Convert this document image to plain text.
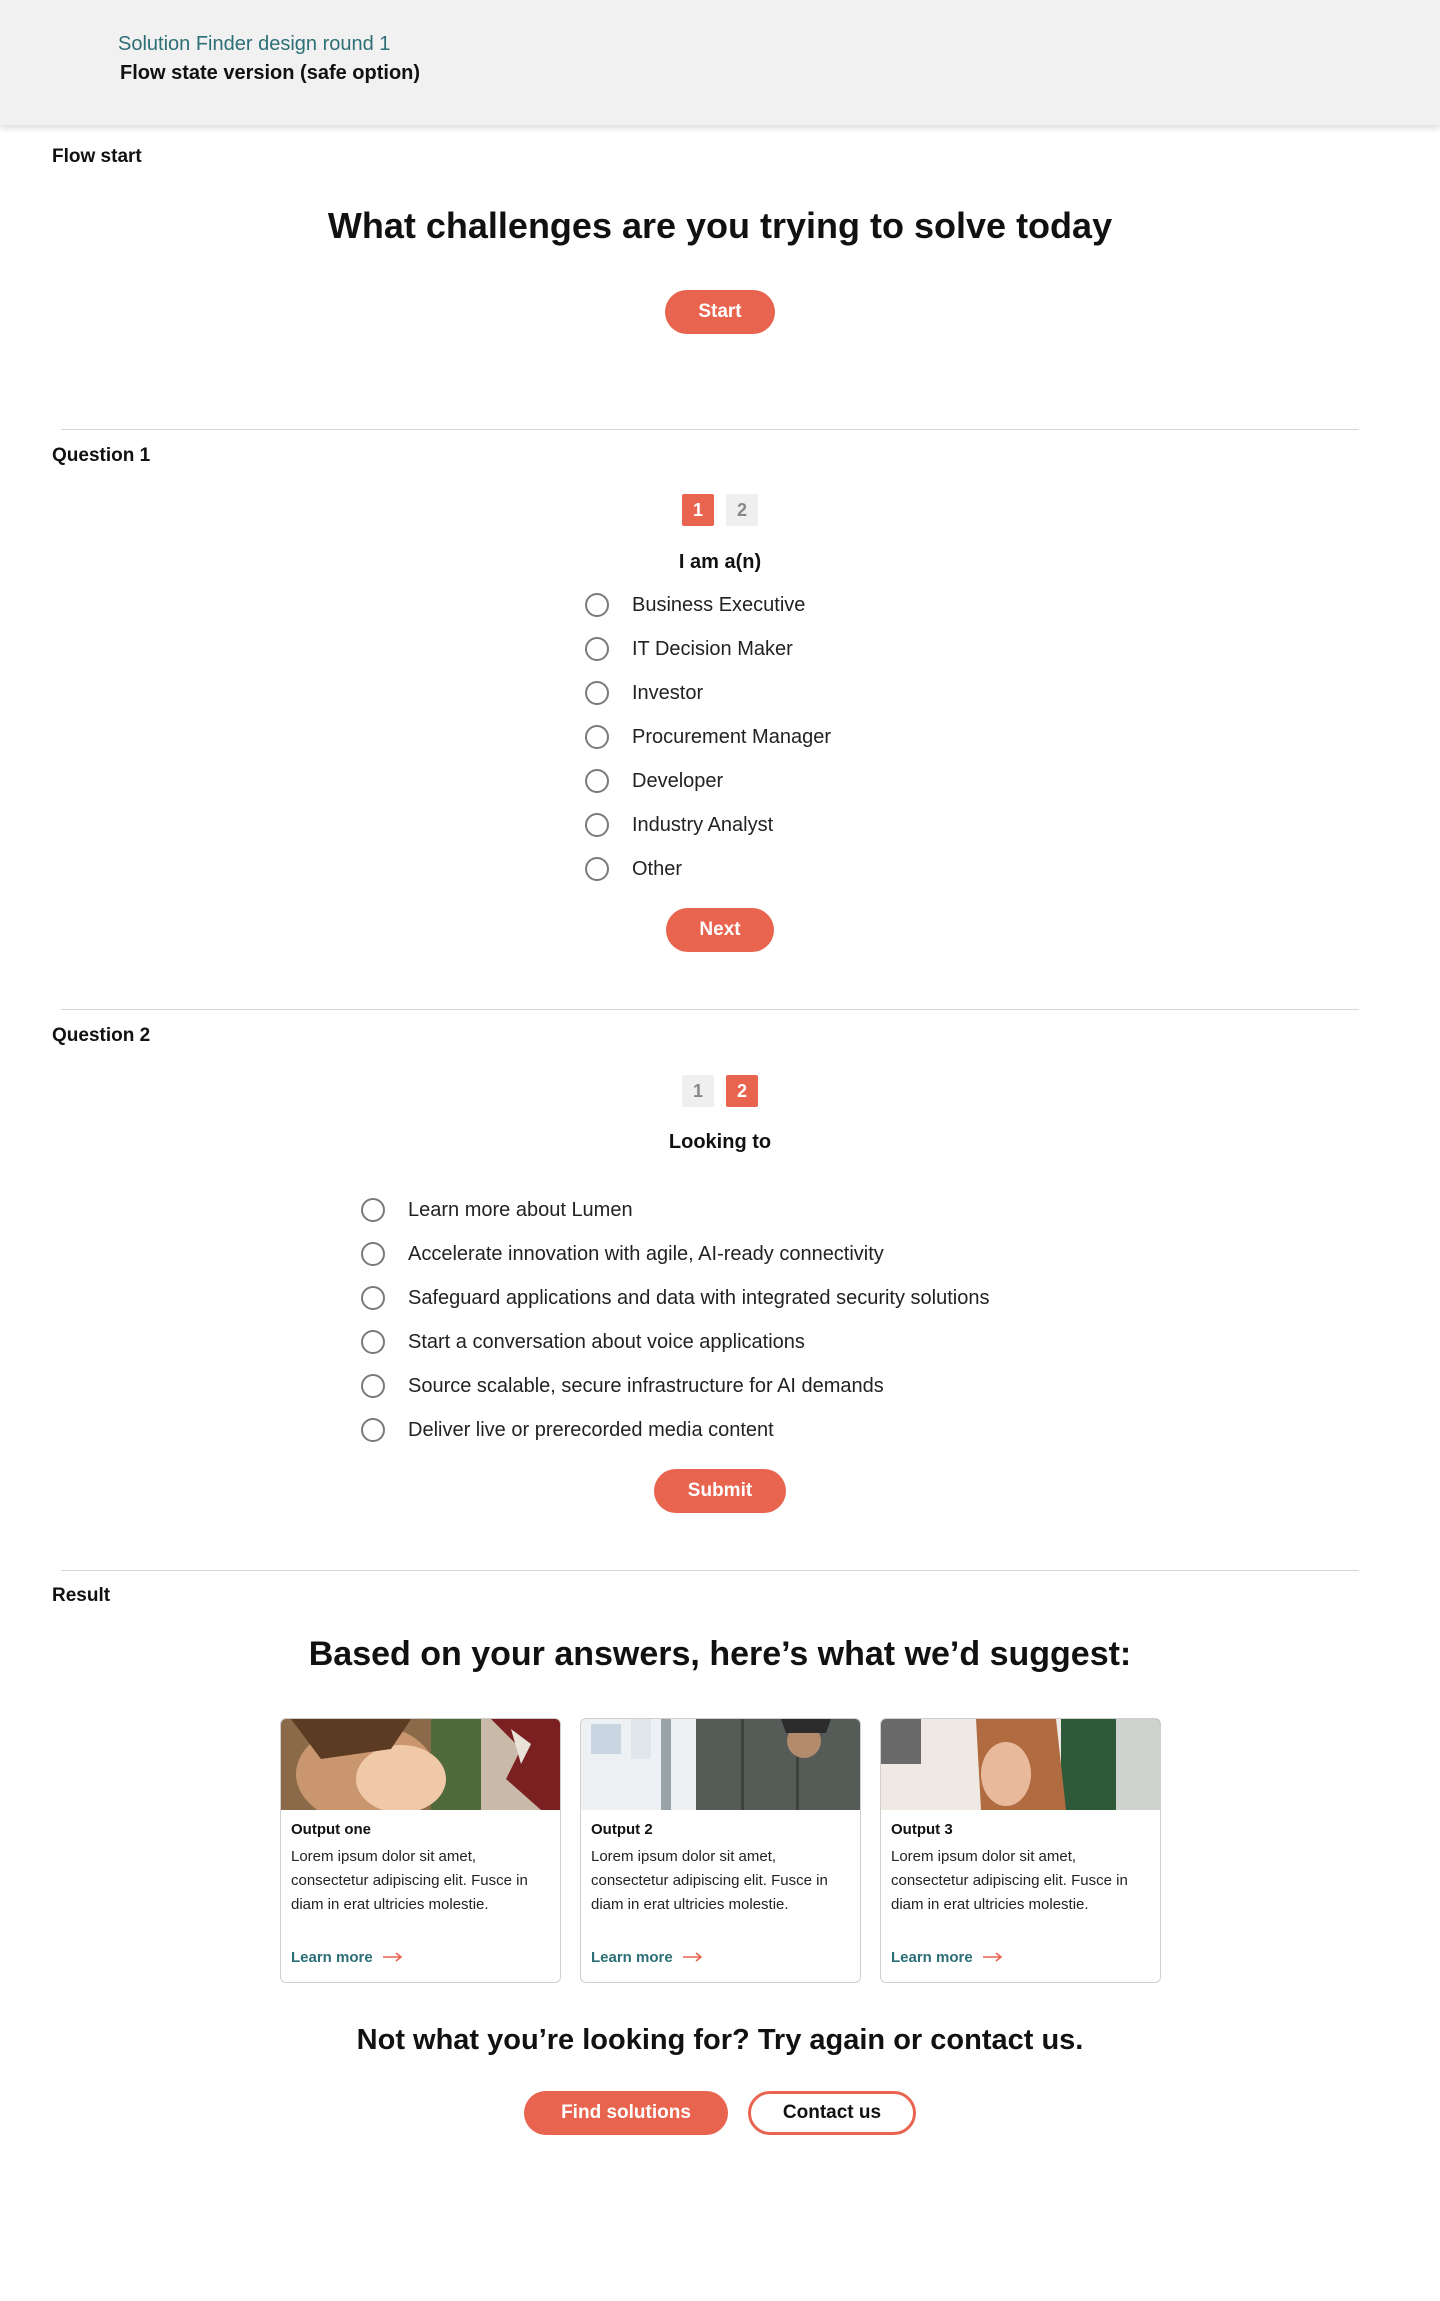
Solution Finder design round 1
Flow state version (safe option)
Flow start
What challenges are you trying to solve today
Start
Question 1
1	2
I am a(n)
Business Executive
IT Decision Maker
Investor
Procurement Manager
Developer
Industry Analyst
Other
Next
Question 2
1	2
Looking to
Learn more about Lumen
Accelerate innovation with agile, AI-ready connectivity
Safeguard applications and data with integrated security solutions
Start a conversation about voice applications
Source scalable, secure infrastructure for AI demands
Deliver live or prerecorded media content
Submit
Result
Based on your answers, here’s what we’d suggest:
Output one
Lorem ipsum dolor sit amet, consectetur adipiscing elit. Fusce in diam in erat ultricies molestie.
Learn more
Output 2
Lorem ipsum dolor sit amet, consectetur adipiscing elit. Fusce in diam in erat ultricies molestie.
Learn more
Output 3
Lorem ipsum dolor sit amet, consectetur adipiscing elit. Fusce in diam in erat ultricies molestie.
Learn more
Not what you’re looking for? Try again or contact us.
Find solutions	Contact us
